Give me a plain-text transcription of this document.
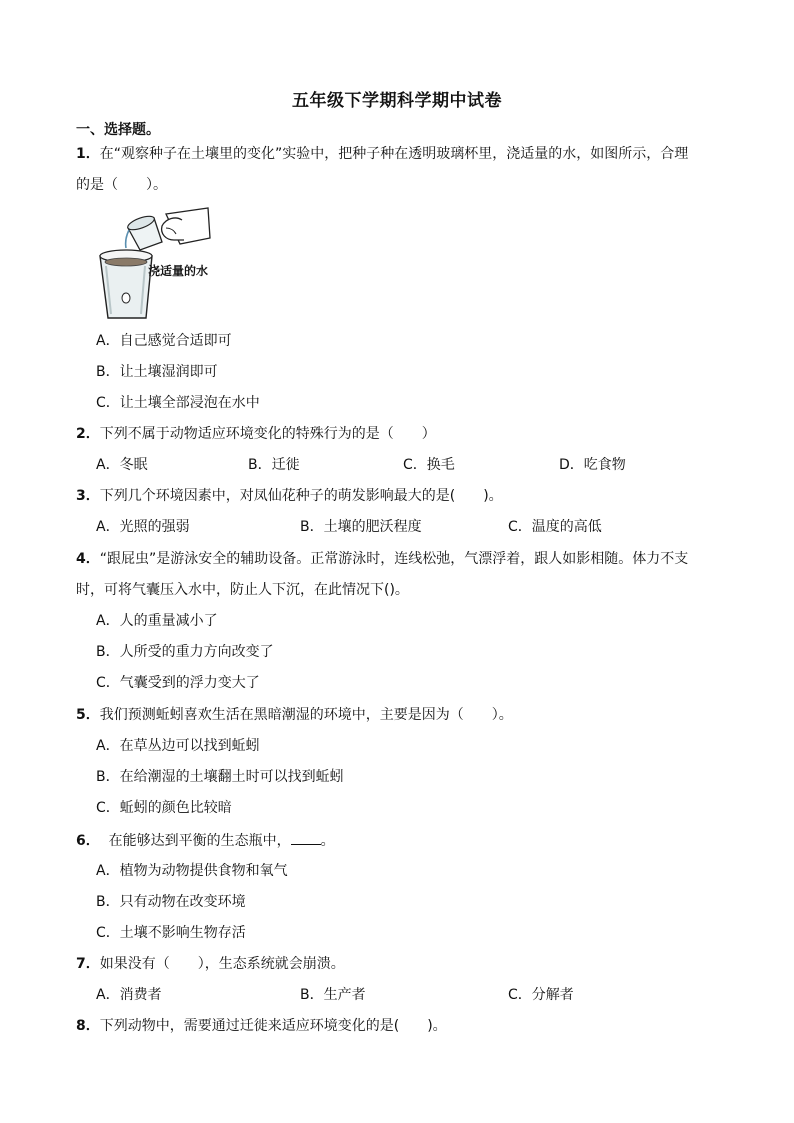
五年级下学期科学期中试卷
一、选择题。
1．在“观察种子在土壤里的变化”实验中，把种子种在透明玻璃杯里，浇适量的水，如图所示，合理
的是（　　）。
浇适量的水
A．自己感觉合适即可
B．让土壤湿润即可
C．让土壤全部浸泡在水中
2．下列不属于动物适应环境变化的特殊行为的是（　　）
A．冬眠	B．迁徙	C．换毛	D．吃食物
3．下列几个环境因素中，对凤仙花种子的萌发影响最大的是(　　)。
A．光照的强弱	B．土壤的肥沃程度	C．温度的高低
4．“跟屁虫”是游泳安全的辅助设备。正常游泳时，连线松弛，气漂浮着，跟人如影相随。体力不支
时，可将气囊压入水中，防止人下沉，在此情况下()。
A．人的重量减小了
B．人所受的重力方向改变了
C．气囊受到的浮力变大了
5．我们预测蚯蚓喜欢生活在黑暗潮湿的环境中，主要是因为（　　）。
A．在草丛边可以找到蚯蚓
B．在给潮湿的土壤翻土时可以找到蚯蚓
C．蚯蚓的颜色比较暗
6． 在能够达到平衡的生态瓶中， 。
A．植物为动物提供食物和氧气
B．只有动物在改变环境
C．土壤不影响生物存活
7．如果没有（　　），生态系统就会崩溃。
A．消费者	B．生产者	C．分解者
8．下列动物中，需要通过迁徙来适应环境变化的是(　　)。
